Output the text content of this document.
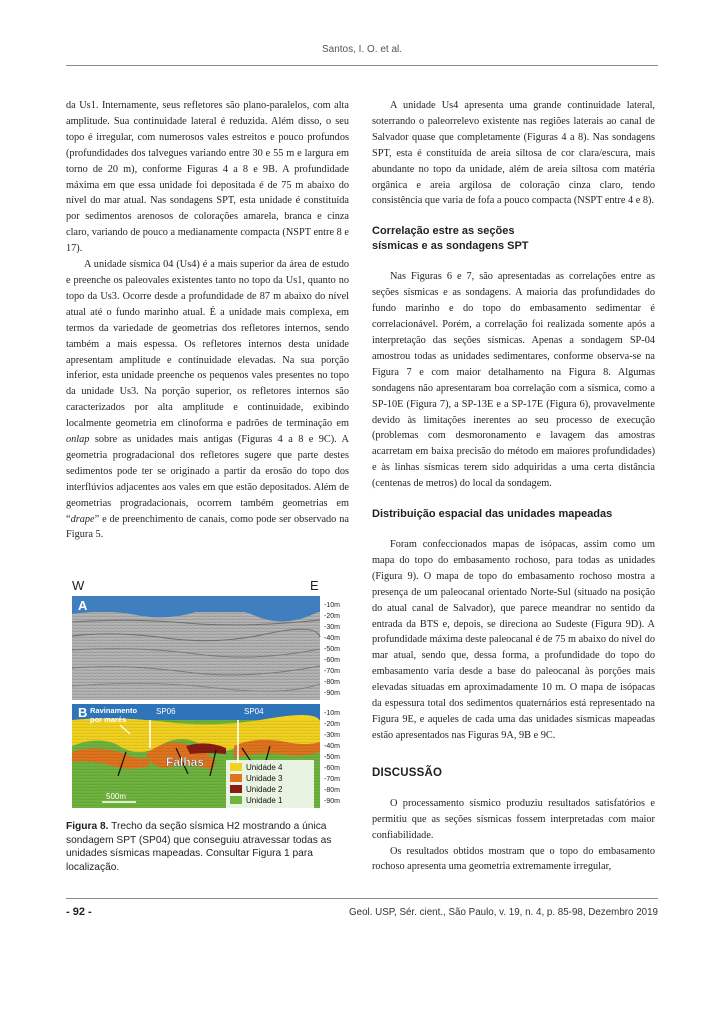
Santos, I. O. et al.

da Us1. Internamente, seus refletores são plano-paralelos, com alta amplitude. Sua continuidade lateral é reduzida. Além disso, o seu topo é irregular, com numerosos vales estreitos e pouco profundos (profundidades dos talvegues variando entre 30 e 55 m e largura em torno de 20 m), conforme Figuras 4 a 8 e 9B. A profundidade máxima em que essa unidade foi depositada é de 75 m abaixo do nível do mar atual. Nas sondagens SPT, esta unidade é constituída por sedimentos arenosos de colorações amarela, branca e cinza claro, variando de pouco a medianamente compacta (NSPT entre 8 e 17).

A unidade sísmica 04 (Us4) é a mais superior da área de estudo e preenche os paleovales existentes tanto no topo da Us1, quanto no topo da Us3. Ocorre desde a profundidade de 87 m abaixo do nível atual até o fundo marinho atual. É a unidade mais complexa, em termos da variedade de geometrias dos refletores internos, sendo também a mais espessa. Os refletores internos desta unidade apresentam amplitude e continuidade elevadas. Na sua porção inferior, esta unidade preenche os pequenos vales presentes no topo da unidade Us3. Na porção superior, os refletores internos são caracterizados por alta amplitude e continuidade, exibindo localmente geometria em clinoforma e padrões de terminação em onlap sobre as unidades mais antigas (Figuras 4 a 8 e 9C). A geometria progradacional dos refletores sugere que parte destes sedimentos pode ter se originado a partir da erosão do topo dos interflúvios adjacentes aos vales em que estão depositados. Além de geometrias progradacionais, ocorrem também geometrias em “drape” e de preenchimento de canais, como pode ser observado na Figura 5.

W	E
A	-10m
-20m
-30m
-40m
-50m
-60m
-70m
-80m
-90m
B Ravinamento
por marés
SP06	SP04
Falhas
500m
Unidade 4
Unidade 3
Unidade 2
Unidade 1
-10m
-20m
-30m
-40m
-50m
-60m
-70m
-80m
-90m
Figura 8. Trecho da seção sísmica H2 mostrando a única sondagem SPT (SP04) que conseguiu atravessar todas as unidades sísmicas mapeadas. Consultar Figura 1 para localização.

A unidade Us4 apresenta uma grande continuidade lateral, soterrando o paleorrelevo existente nas regiões laterais ao canal de Salvador quase que completamente (Figuras 4 a 8). Nas sondagens SPT, esta é constituída de areia siltosa de cor clara/escura, mais abundante no topo da unidade, além de areia siltosa com matéria orgânica e areia argilosa de coloração cinza claro, tendo consistência que varia de fofa a pouco compacta (NSPT entre 4 e 8).

Correlação estre as seções
sísmicas e as sondagens SPT

Nas Figuras 6 e 7, são apresentadas as correlações entre as seções sísmicas e as sondagens. A maioria das profundidades do fundo marinho e do topo do embasamento sedimentar é correlacionável. Porém, a correlação foi realizada somente após a interpretação das seções sísmicas. Apenas a sondagem SP-04 amostrou todas as unidades sedimentares, conforme observa-se na Figura 7 e com maior detalhamento na Figura 8. Algumas sondagens não apresentaram boa correlação com a sísmica, como a SP-10E (Figura 7), a SP-13E e a SP-17E (Figura 6), provavelmente devido às limitações inerentes ao seu processo de execução (problemas com desmoronamento e lavagem das amostras acarretam em baixa precisão do método em maiores profundidades) e às linhas sísmicas terem sido adquiridas a uma certa distância (centenas de metros) do local da sondagem.

Distribuição espacial das unidades mapeadas

Foram confeccionados mapas de isópacas, assim como um mapa do topo do embasamento rochoso, para todas as unidades (Figura 9). O mapa de topo do embasamento rochoso mostra a presença de um paleocanal orientado Norte-Sul (situado na posição do atual canal de Salvador), que parece meandrar no sentido da entrada da BTS e, depois, se direciona ao Sudeste (Figura 9D). A profundidade máxima deste paleocanal é de 75 m abaixo do nível do mar atual, sendo que, dessa forma, a profundidade do topo do embasamento varia desde a base do paleocanal às porções mais elevadas situadas em aproximadamente 10 m. O mapa de isópacas da espessura total dos sedimentos quaternários está representado na Figura 9E, e aqueles de cada uma das unidades sísmicas mapeadas estão apresentados nas Figuras 9A, 9B e 9C.

DISCUSSÃO

O processamento sísmico produziu resultados satisfatórios e permitiu que as seções sísmicas fossem interpretadas com maior confiabilidade.

Os resultados obtidos mostram que o topo do embasamento rochoso apresenta uma geometria extremamente irregular,

- 92 -	Geol. USP, Sér. cient., São Paulo, v. 19, n. 4, p. 85-98, Dezembro 2019
